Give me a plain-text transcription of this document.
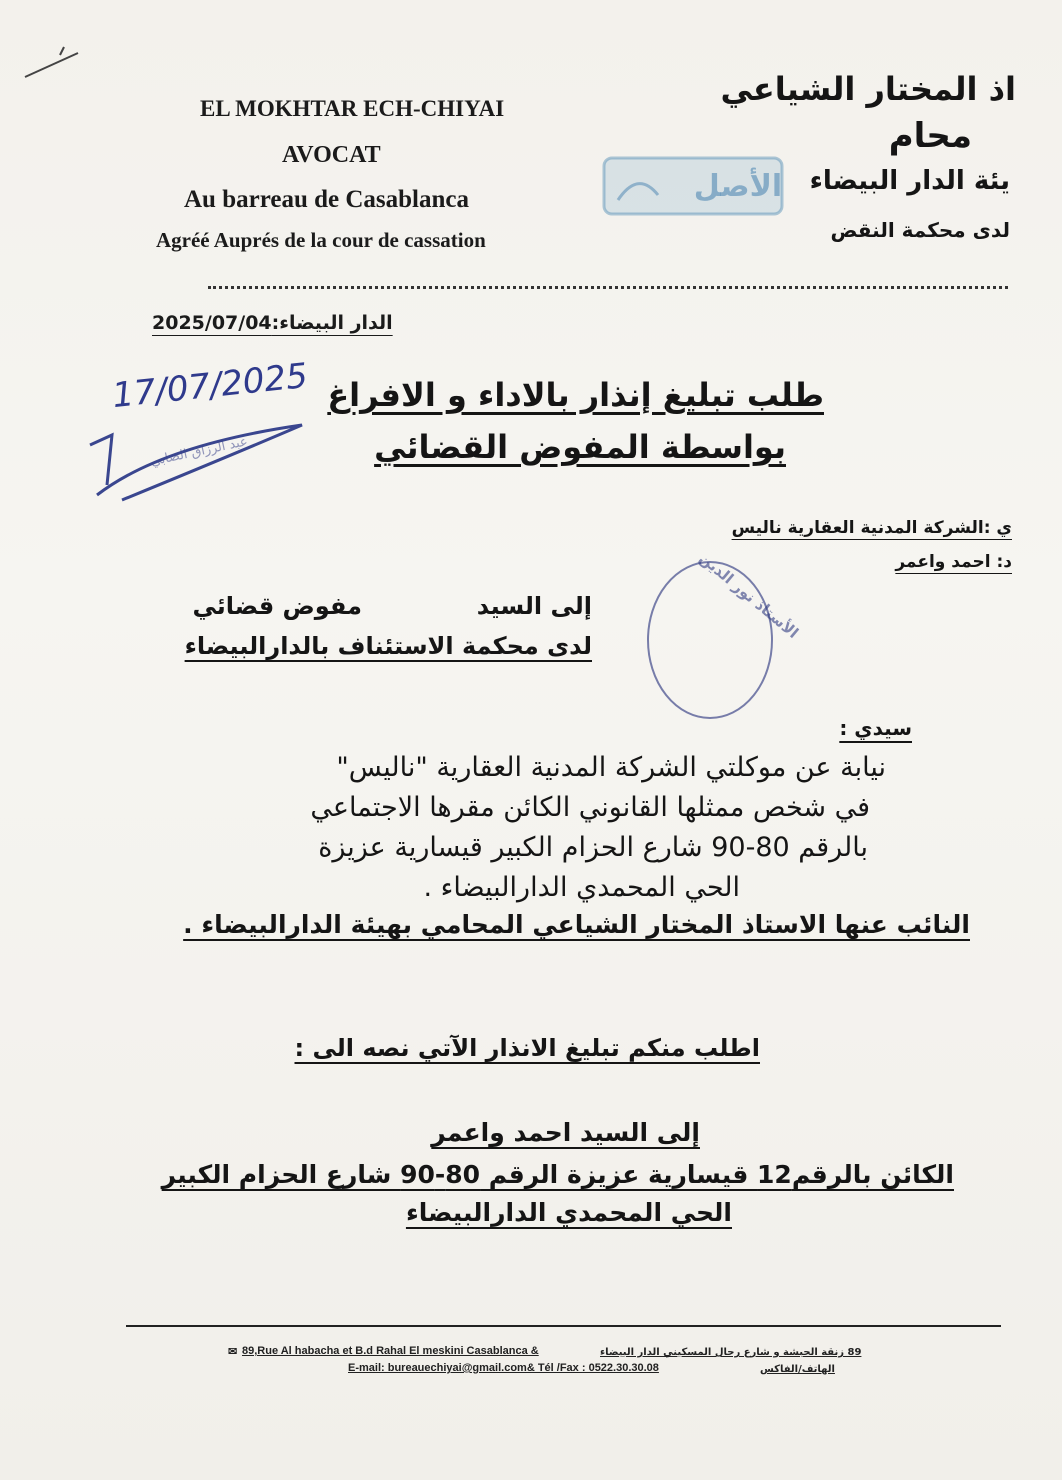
EL MOKHTAR ECH-CHIYAI
AVOCAT
Au barreau de Casablanca
Agréé Auprés de la cour de cassation
اذ المختار الشياعي
محام
يئة الدار البيضاء
لدى محكمة النقض
الأصل
الدار البيضاء:2025/07/04
17/07/2025
عبد الرزاق الصابي
طلب تبليغ إنذار بالاداء و الافراغ
بواسطة المفوض القضائي
الأستاذ نور الدين
ي :الشركة المدنية العقارية ناليس
د: احمد واعمر
إلى السيد
مفوض قضائي
لدى محكمة الاستئناف بالدارالبيضاء
سيدي :
نيابة عن موكلتي الشركة المدنية العقارية "ناليس"
في شخص ممثلها القانوني الكائن مقرها الاجتماعي
بالرقم 80-90 شارع الحزام الكبير قيسارية عزيزة
الحي المحمدي الدارالبيضاء .
النائب عنها الاستاذ المختار الشياعي المحامي بهيئة الدارالبيضاء .
اطلب منكم تبليغ الانذار الآتي نصه الى :
إلى السيد احمد واعمر
الكائن بالرقم12 قيسارية عزيزة الرقم 80-90 شارع الحزام الكبير
الحي المحمدي الدارالبيضاء
✉ 89,Rue Al habacha et B.d Rahal El meskini Casablanca &	89 زنقة الحبشة و شارع رحال المسكيني الدار البيضاء
E-mail: bureauechiyai@gmail.com& Tél /Fax : 0522.30.30.08	الهاتف/الفاكس
